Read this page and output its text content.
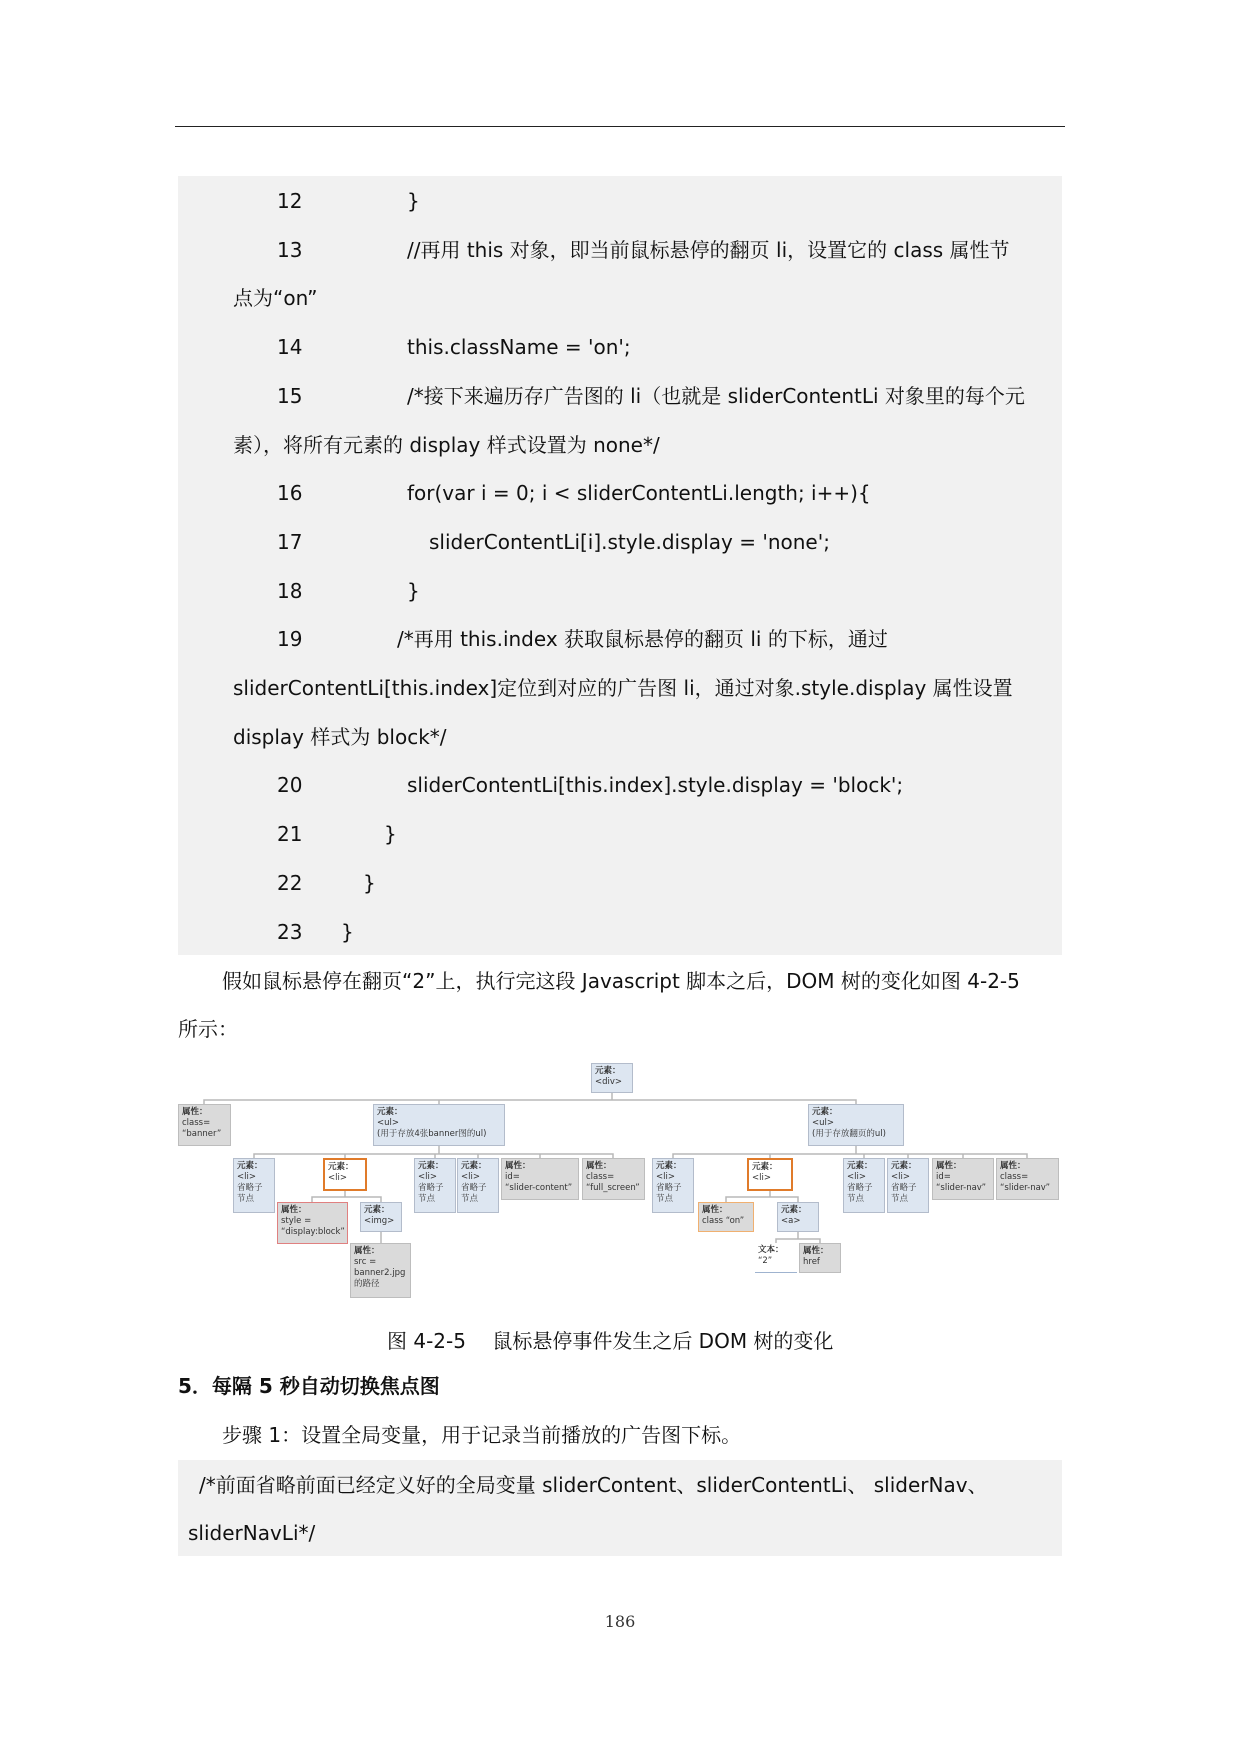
12	}
13	//再用 this 对象，即当前鼠标悬停的翻页 li，设置它的 class 属性节
点为“on”
14	this.className = 'on';
15	/*接下来遍历存广告图的 li（也就是 sliderContentLi 对象里的每个元
素），将所有元素的 display 样式设置为 none*/
16	for(var i = 0; i < sliderContentLi.length; i++){
17	sliderContentLi[i].style.display = 'none';
18	}
19	/*再用 this.index 获取鼠标悬停的翻页 li 的下标，通过
sliderContentLi[this.index]定位到对应的广告图 li，通过对象.style.display 属性设置
display 样式为 block*/
20	sliderContentLi[this.index].style.display = 'block';
21	}
22	}
23 }
假如鼠标悬停在翻页“2”上，执行完这段 Javascript 脚本之后，DOM 树的变化如图 4-2-5
所示：
元素：
<div>
属性：
class=
“banner”
元素：
<ul>
(用于存放4张banner图的ul)
元素：
<li>
省略子
节点
元素：
<li>
元素：
<li>
省略子
节点
元素：
<li>
省略子
节点
属性：
id=
“slider-content”
属性：
class=
“full_screen”
属性：
style =
“display:block”
元素：
<img>
属性：
src =
banner2.jpg
的路径
元素：
<ul>
(用于存放翻页的ul)
元素：
<li>
省略子
节点
元素：
<li>
元素：
<li>
省略子
节点
元素：
<li>
省略子
节点
属性：
id=
“slider-nav”
属性：
class=
“slider-nav”
属性：
class “on”
元素：
<a>
文本：
“2”
属性：
href
图 4-2-5　 鼠标悬停事件发生之后 DOM 树的变化
5．每隔 5 秒自动切换焦点图
步骤 1：设置全局变量，用于记录当前播放的广告图下标。
/*前面省略前面已经定义好的全局变量 sliderContent、sliderContentLi、 sliderNav、
sliderNavLi*/
186
